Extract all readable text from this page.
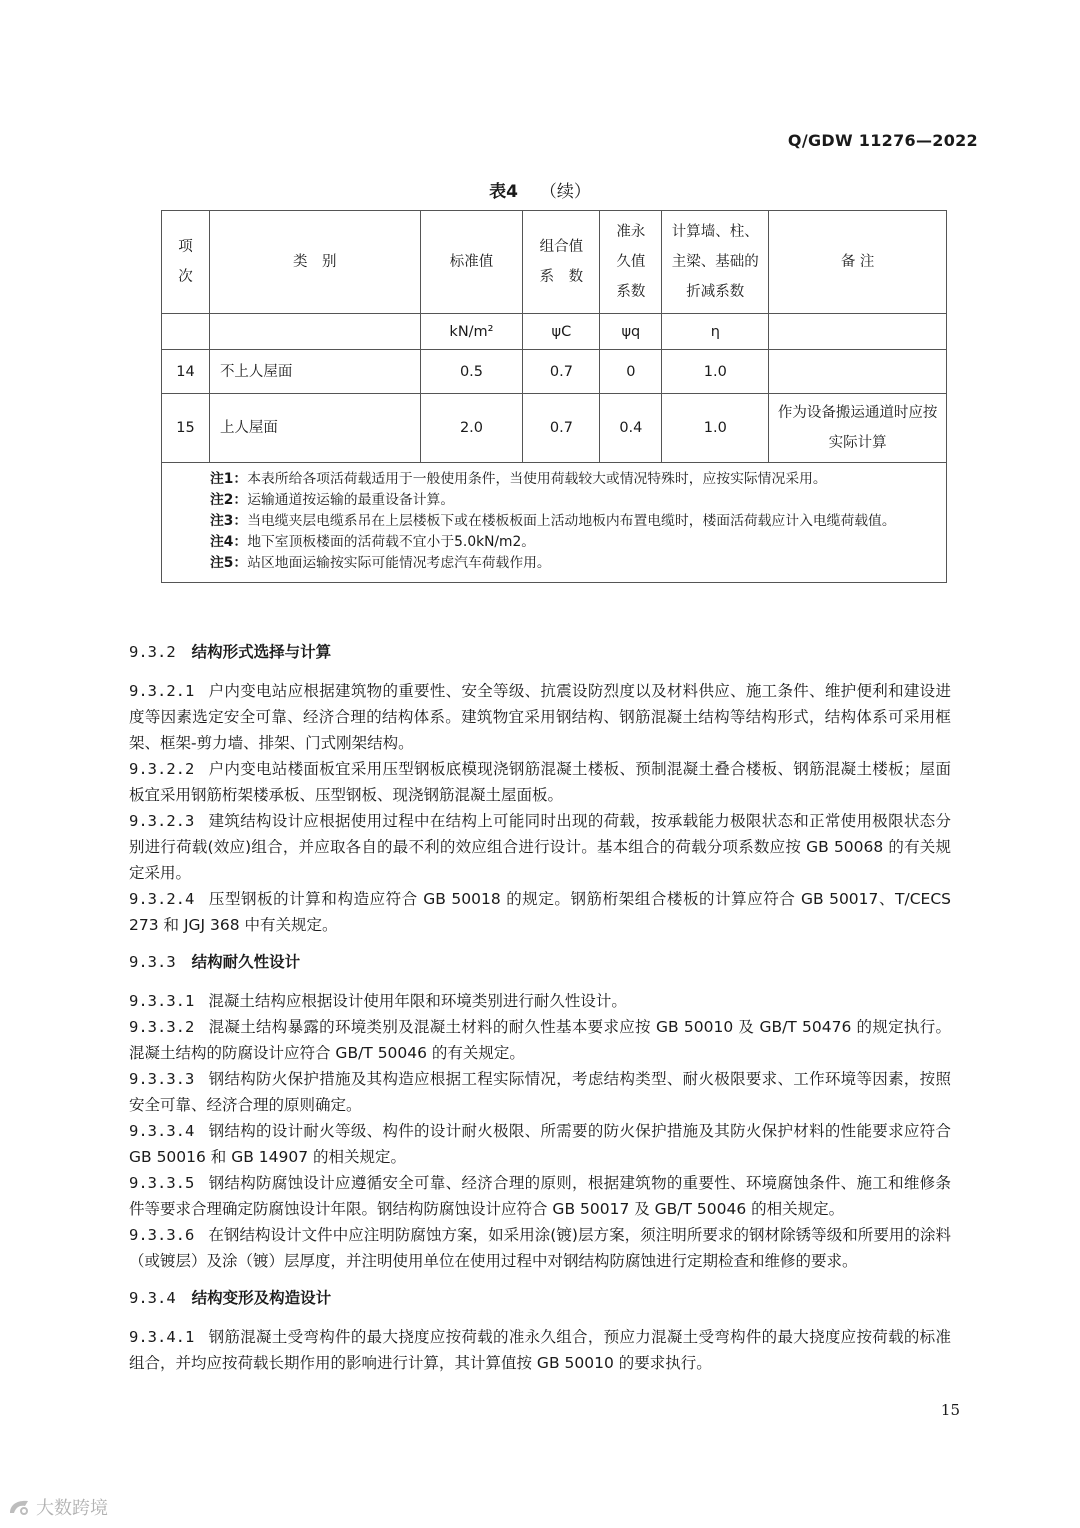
Q/GDW 11276—2022
表4 （续）
项次	类　别	标准值	组合值系　数	准永久值系数	计算墙、柱、主梁、基础的折减系数	备 注
		kN/m²	ψC	ψq	η	
14	不上人屋面	0.5	0.7	0	1.0	
15	上人屋面	2.0	0.7	0.4	1.0	作为设备搬运通道时应按实际计算

注1：本表所给各项活荷载适用于一般使用条件，当使用荷载较大或情况特殊时，应按实际情况采用。
注2：运输通道按运输的最重设备计算。
注3：当电缆夹层电缆系吊在上层楼板下或在楼板板面上活动地板内布置电缆时，楼面活荷载应计入电缆荷载值。
注4：地下室顶板楼面的活荷载不宜小于5.0kN/m2。
注5：站区地面运输按实际可能情况考虑汽车荷载作用。						
9.3.2 结构形式选择与计算

9.3.2.1 户内变电站应根据建筑物的重要性、安全等级、抗震设防烈度以及材料供应、施工条件、维护便利和建设进度等因素选定安全可靠、经济合理的结构体系。建筑物宜采用钢结构、钢筋混凝土结构等结构形式，结构体系可采用框架、框架-剪力墙、排架、门式刚架结构。

9.3.2.2 户内变电站楼面板宜采用压型钢板底模现浇钢筋混凝土楼板、预制混凝土叠合楼板、钢筋混凝土楼板；屋面板宜采用钢筋桁架楼承板、压型钢板、现浇钢筋混凝土屋面板。

9.3.2.3 建筑结构设计应根据使用过程中在结构上可能同时出现的荷载，按承载能力极限状态和正常使用极限状态分别进行荷载(效应)组合，并应取各自的最不利的效应组合进行设计。基本组合的荷载分项系数应按 GB 50068 的有关规定采用。

9.3.2.4 压型钢板的计算和构造应符合 GB 50018 的规定。钢筋桁架组合楼板的计算应符合 GB 50017、T/CECS 273 和 JGJ 368 中有关规定。

9.3.3 结构耐久性设计

9.3.3.1 混凝土结构应根据设计使用年限和环境类别进行耐久性设计。

9.3.3.2 混凝土结构暴露的环境类别及混凝土材料的耐久性基本要求应按 GB 50010 及 GB/T 50476 的规定执行。混凝土结构的防腐设计应符合 GB/T 50046 的有关规定。

9.3.3.3 钢结构防火保护措施及其构造应根据工程实际情况，考虑结构类型、耐火极限要求、工作环境等因素，按照安全可靠、经济合理的原则确定。

9.3.3.4 钢结构的设计耐火等级、构件的设计耐火极限、所需要的防火保护措施及其防火保护材料的性能要求应符合 GB 50016 和 GB 14907 的相关规定。

9.3.3.5 钢结构防腐蚀设计应遵循安全可靠、经济合理的原则，根据建筑物的重要性、环境腐蚀条件、施工和维修条件等要求合理确定防腐蚀设计年限。钢结构防腐蚀设计应符合 GB 50017 及 GB/T 50046 的相关规定。

9.3.3.6 在钢结构设计文件中应注明防腐蚀方案，如采用涂(镀)层方案，须注明所要求的钢材除锈等级和所要用的涂料（或镀层）及涂（镀）层厚度，并注明使用单位在使用过程中对钢结构防腐蚀进行定期检查和维修的要求。

9.3.4 结构变形及构造设计

9.3.4.1 钢筋混凝土受弯构件的最大挠度应按荷载的准永久组合，预应力混凝土受弯构件的最大挠度应按荷载的标准组合，并均应按荷载长期作用的影响进行计算，其计算值按 GB 50010 的要求执行。

15
大数跨境
